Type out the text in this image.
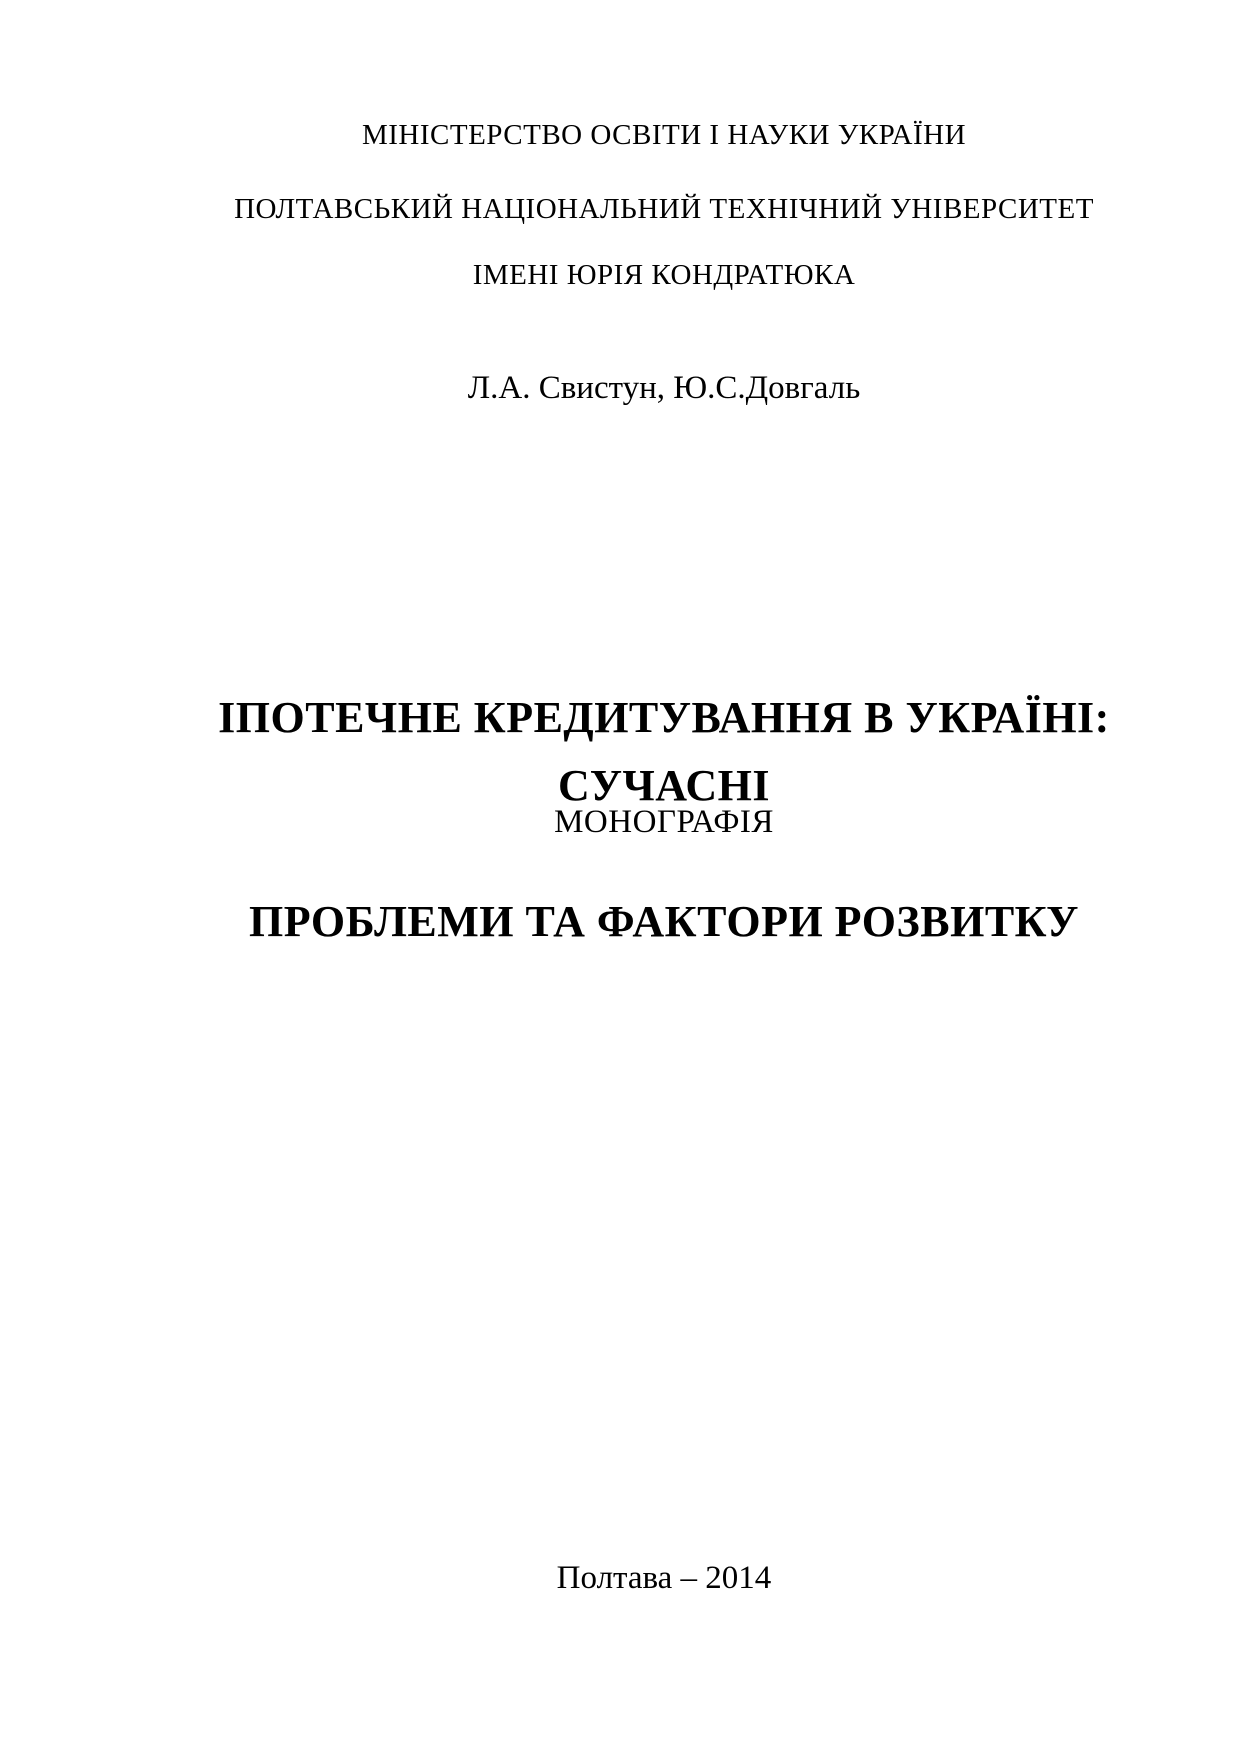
МІНІСТЕРСТВО ОСВІТИ І НАУКИ УКРАЇНИ

ПОЛТАВСЬКИЙ НАЦІОНАЛЬНИЙ ТЕХНІЧНИЙ УНІВЕРСИТЕТ

ІМЕНІ ЮРІЯ КОНДРАТЮКА

Л.А. Свистун, Ю.С.Довгаль

ІПОТЕЧНЕ КРЕДИТУВАННЯ В УКРАЇНІ: СУЧАСНІ

ПРОБЛЕМИ ТА ФАКТОРИ РОЗВИТКУ

МОНОГРАФІЯ
Полтава – 2014
